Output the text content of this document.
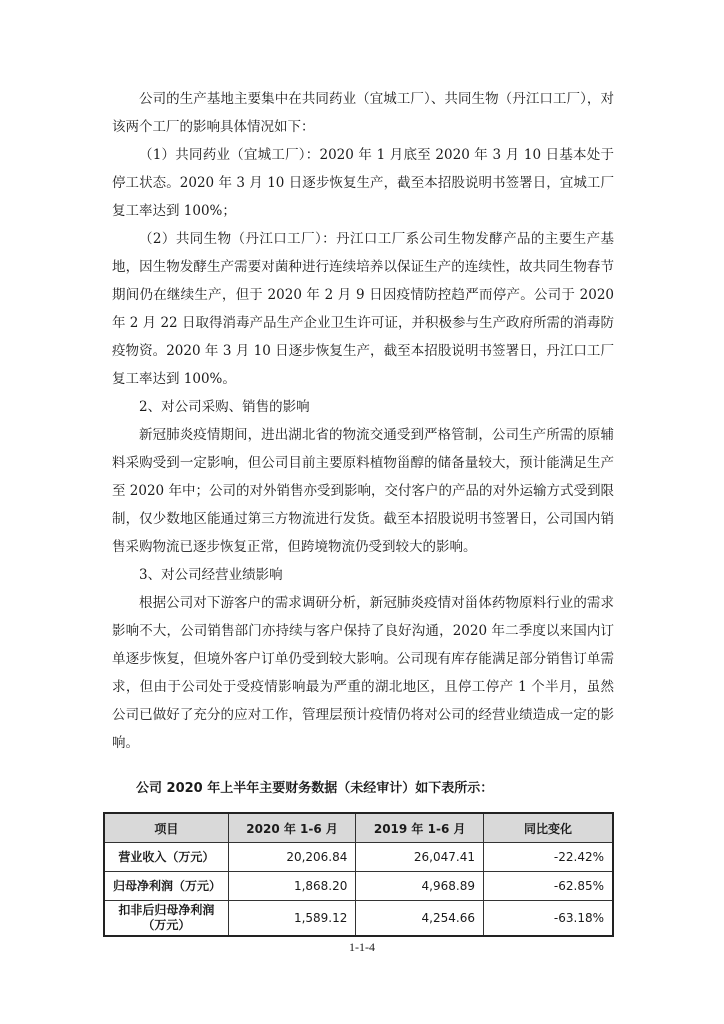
公司的生产基地主要集中在共同药业（宜城工厂）、共同生物（丹江口工厂），对该两个工厂的影响具体情况如下：

（1）共同药业（宜城工厂）：2020 年 1 月底至 2020 年 3 月 10 日基本处于停工状态。2020 年 3 月 10 日逐步恢复生产，截至本招股说明书签署日，宜城工厂复工率达到 100%；

（2）共同生物（丹江口工厂）：丹江口工厂系公司生物发酵产品的主要生产基地，因生物发酵生产需要对菌种进行连续培养以保证生产的连续性，故共同生物春节期间仍在继续生产，但于 2020 年 2 月 9 日因疫情防控趋严而停产。公司于 2020 年 2 月 22 日取得消毒产品生产企业卫生许可证，并积极参与生产政府所需的消毒防疫物资。2020 年 3 月 10 日逐步恢复生产，截至本招股说明书签署日，丹江口工厂复工率达到 100%。

2、对公司采购、销售的影响

新冠肺炎疫情期间，进出湖北省的物流交通受到严格管制，公司生产所需的原辅料采购受到一定影响，但公司目前主要原料植物甾醇的储备量较大，预计能满足生产至 2020 年中；公司的对外销售亦受到影响，交付客户的产品的对外运输方式受到限制，仅少数地区能通过第三方物流进行发货。截至本招股说明书签署日，公司国内销售采购物流已逐步恢复正常，但跨境物流仍受到较大的影响。

3、对公司经营业绩影响

根据公司对下游客户的需求调研分析，新冠肺炎疫情对甾体药物原料行业的需求影响不大，公司销售部门亦持续与客户保持了良好沟通，2020 年二季度以来国内订单逐步恢复，但境外客户订单仍受到较大影响。公司现有库存能满足部分销售订单需求，但由于公司处于受疫情影响最为严重的湖北地区，且停工停产 1 个半月，虽然公司已做好了充分的应对工作，管理层预计疫情仍将对公司的经营业绩造成一定的影响。

公司 2020 年上半年主要财务数据（未经审计）如下表所示：
项目	2020 年 1-6 月	2019 年 1-6 月	同比变化
营业收入（万元）	20,206.84	26,047.41	-22.42%
归母净利润（万元）	1,868.20	4,968.89	-62.85%
扣非后归母净利润（万元）	1,589.12	4,254.66	-63.18%
1-1-4
